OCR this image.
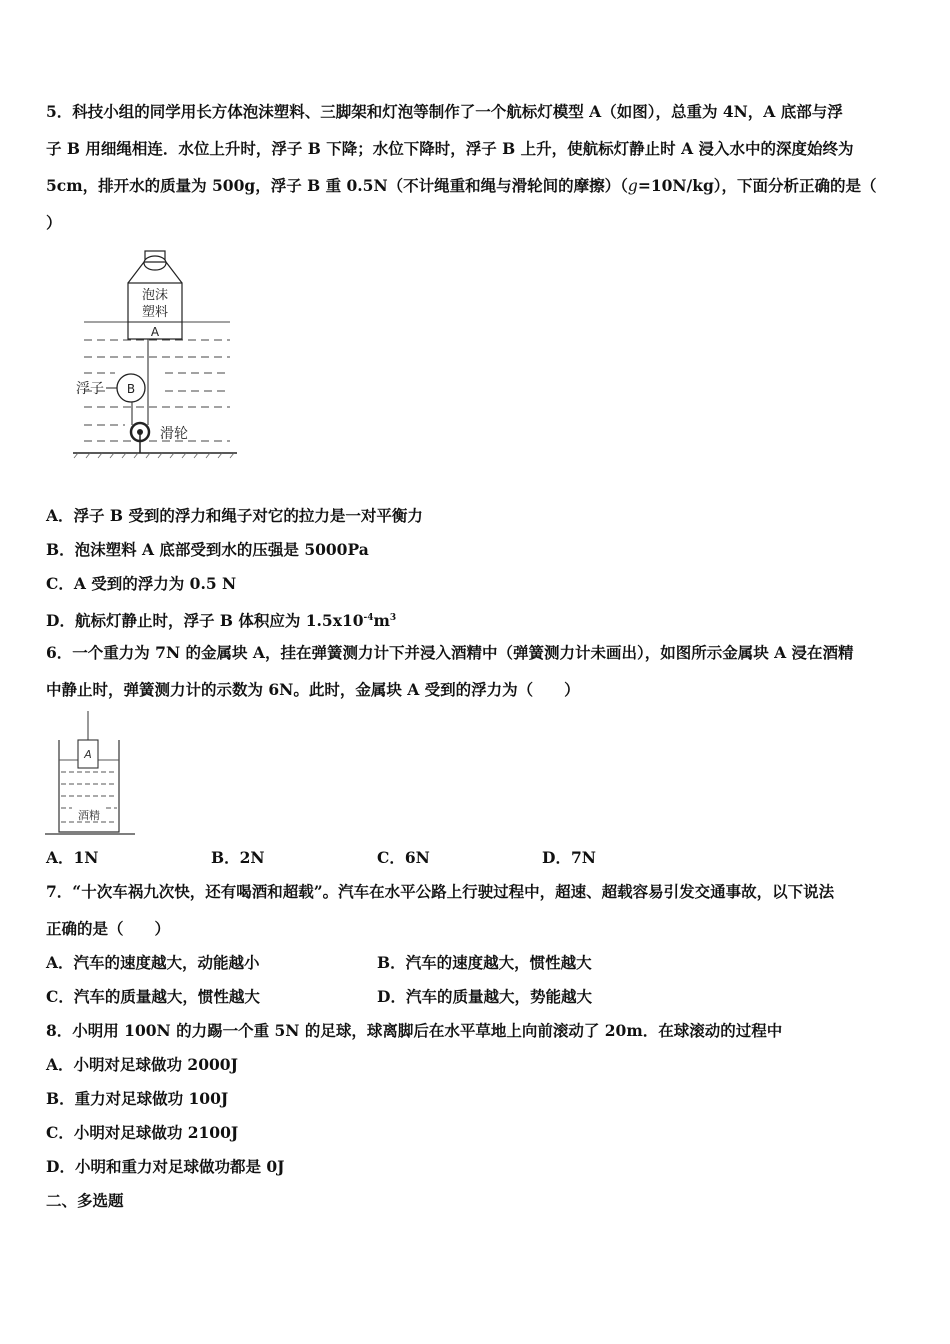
5．科技小组的同学用长方体泡沫塑料、三脚架和灯泡等制作了一个航标灯模型 A（如图），总重为 4N，A 底部与浮
子 B 用细绳相连．水位上升时，浮子 B 下降；水位下降时，浮子 B 上升，使航标灯静止时 A 浸入水中的深度始终为
5cm，排开水的质量为 500g，浮子 B 重 0.5N（不计绳重和绳与滑轮间的摩擦）（g=10N/kg），下面分析正确的是（
）
泡沫
塑料
A
B
浮子
滑轮
A．浮子 B 受到的浮力和绳子对它的拉力是一对平衡力
B．泡沫塑料 A 底部受到水的压强是 5000Pa
C．A 受到的浮力为 0.5 N
D．航标灯静止时，浮子 B 体积应为 $1.5x10^{-4}m^3$
6．一个重力为 7N 的金属块 A，挂在弹簧测力计下并浸入酒精中（弹簧测力计未画出），如图所示金属块 A 浸在酒精
中静止时，弹簧测力计的示数为 6N。此时，金属块 A 受到的浮力为（　　）
A
酒精
A．1N	B．2N	C．6N	D．7N
7．“十次车祸九次快，还有喝酒和超载”。汽车在水平公路上行驶过程中，超速、超载容易引发交通事故，以下说法
正确的是（　　）
A．汽车的速度越大，动能越小	B．汽车的速度越大，惯性越大
C．汽车的质量越大，惯性越大	D．汽车的质量越大，势能越大
8．小明用 100N 的力踢一个重 5N 的足球，球离脚后在水平草地上向前滚动了 20m．在球滚动的过程中
A．小明对足球做功 2000J
B．重力对足球做功 100J
C．小明对足球做功 2100J
D．小明和重力对足球做功都是 0J
二、多选题
